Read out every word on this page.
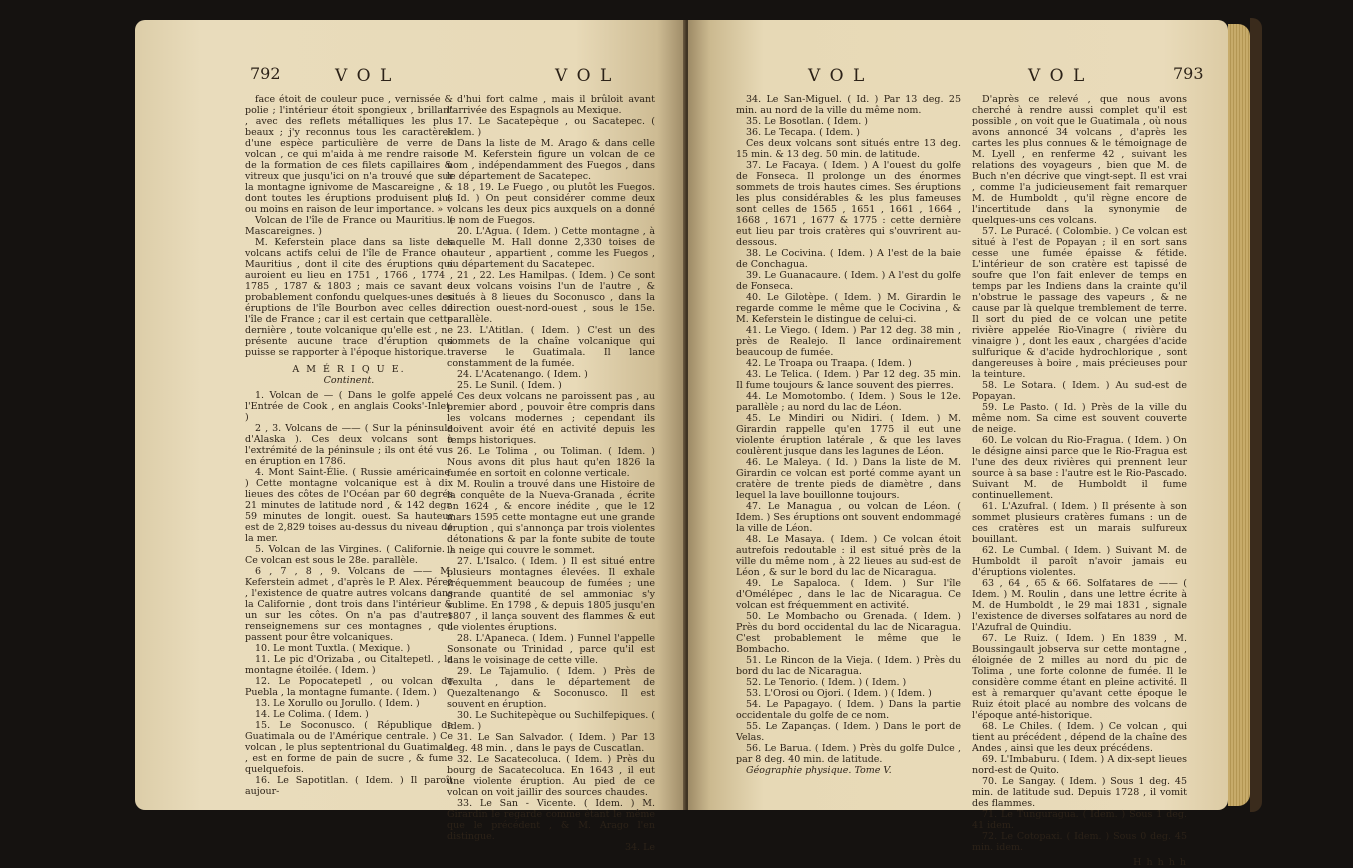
792	V O L	V O L

face étoit de couleur puce , vernissée & polie ; l'intérieur étoit spongieux , brillant , avec des reflets métalliques les plus beaux ; j'y reconnus tous les caractères d'une espèce particulière de verre de volcan , ce qui m'aida à me rendre raison de la formation de ces filets capillaires & vitreux que jusqu'ici on n'a trouvé que sur la montagne ignivome de Mascareigne , & dont toutes les éruptions produisent plus ou moins en raison de leur importance. »

Volcan de l'île de France ou Mauritius. ( Mascareignes. )

M. Keferstein place dans sa liste des volcans actifs celui de l'île de France ou Mauritius , dont il cite des éruptions qui auroient eu lieu en 1751 , 1766 , 1774 , 1785 , 1787 & 1803 ; mais ce savant a probablement confondu quelques-unes des éruptions de l'île Bourbon avec celles de l'île de France ; car il est certain que cette dernière , toute volcanique qu'elle est , ne présente aucune trace d'éruption qui puisse se rapporter à l'époque historique.

A M É R I Q U E.

Continent.

1. Volcan de — ( Dans le golfe appelé l'Entrée de Cook , en anglais Cooks'-Inlet. )

2 , 3. Volcans de —— ( Sur la péninsule d'Alaska ). Ces deux volcans sont à l'extrémité de la péninsule ; ils ont été vus en éruption en 1786.

4. Mont Saint-Élie. ( Russie américaine. ) Cette montagne volcanique est à dix lieues des côtes de l'Océan par 60 degrés 21 minutes de latitude nord , & 142 degr. 59 minutes de longit. ouest. Sa hauteur est de 2,829 toises au-dessus du niveau de la mer.

5. Volcan de las Virgines. ( Californie. ) Ce volcan est sous le 28e. parallèle.

6 , 7 , 8 , 9. Volcans de —— M. Keferstein admet , d'après le P. Alex. Pérez , l'existence de quatre autres volcans dans la Californie , dont trois dans l'intérieur & un sur les côtes. On n'a pas d'autres renseignemens sur ces montagnes , qui passent pour être volcaniques.

10. Le mont Tuxtla. ( Mexique. )

11. Le pic d'Orizaba , ou Citaltepetl. , la montagne étoilée. ( Idem. )

12. Le Popocatepetl , ou volcan de Puebla , la montagne fumante. ( Idem. )

13. Le Xorullo ou Jorullo. ( Idem. )

14. Le Colima. ( Idem. )

15. Le Soconusco. ( République de Guatimala ou de l'Amérique centrale. ) Ce volcan , le plus septentrional du Guatimala , est en forme de pain de sucre , & fume quelquefois.

16. Le Sapotitlan. ( Idem. ) Il paroît aujour-

d'hui fort calme , mais il brûloit avant l'arrivée des Espagnols au Mexique.

17. Le Sacatepèque , ou Sacatepec. ( Idem. )

Dans la liste de M. Arago & dans celle de M. Keferstein figure un volcan de ce nom , indépendamment des Fuegos , dans le département de Sacatepec.

18 , 19. Le Fuego , ou plutôt les Fuegos. ( Id. ) On peut considérer comme deux volcans les deux pics auxquels on a donné le nom de Fuegos.

20. L'Agua. ( Idem. ) Cette montagne , à laquelle M. Hall donne 2,330 toises de hauteur , appartient , comme les Fuegos , au département du Sacatepec.

21 , 22. Les Hamilpas. ( Idem. ) Ce sont deux volcans voisins l'un de l'autre , & situés à 8 lieues du Soconusco , dans la direction ouest-nord-ouest , sous le 15e. parallèle.

23. L'Atitlan. ( Idem. ) C'est un des sommets de la chaîne volcanique qui traverse le Guatimala. Il lance constamment de la fumée.

24. L'Acatenango. ( Idem. )

25. Le Sunil. ( Idem. )

Ces deux volcans ne paroissent pas , au premier abord , pouvoir être compris dans les volcans modernes ; cependant ils doivent avoir été en activité depuis les temps historiques.

26. Le Tolima , ou Toliman. ( Idem. ) Nous avons dit plus haut qu'en 1826 la fumée en sortoit en colonne verticale.

M. Roulin a trouvé dans une Histoire de la conquête de la Nueva-Granada , écrite en 1624 , & encore inédite , que le 12 mars 1595 cette montagne eut une grande éruption , qui s'annonça par trois violentes détonations & par la fonte subite de toute la neige qui couvre le sommet.

27. L'Isalco. ( Idem. ) Il est situé entre plusieurs montagnes élevées. Il exhale fréquemment beaucoup de fumées ; une grande quantité de sel ammoniac s'y sublime. En 1798 , & depuis 1805 jusqu'en 1807 , il lança souvent des flammes & eut de violentes éruptions.

28. L'Apaneca. ( Idem. ) Funnel l'appelle Sonsonate ou Trinidad , parce qu'il est dans le voisinage de cette ville.

29. Le Tajamulio. ( Idem. ) Près de Texulta , dans le département de Quezaltenango & Soconusco. Il est souvent en éruption.

30. Le Suchitepèque ou Suchilfepiques. ( Idem. )

31. Le San Salvador. ( Idem. ) Par 13 deg. 48 min. , dans le pays de Cuscatlan.

32. Le Sacatecoluca. ( Idem. ) Près du bourg de Sacatecoluca. En 1643 , il eut une violente éruption. Au pied de ce volcan on voit jaillir des sources chaudes.

33. Le San - Vicente. ( Idem. ) M. Girardin le regarde comme étant le même que le précédent , & M. Arago l'en distingue.

34. Le

V O L	V O L	793

34. Le San-Miguel. ( Id. ) Par 13 deg. 25 min. au nord de la ville du même nom.

35. Le Bosotlan. ( Idem. )

36. Le Tecapa. ( Idem. )

Ces deux volcans sont situés entre 13 deg. 15 min. & 13 deg. 50 min. de latitude.

37. Le Facaya. ( Idem. ) A l'ouest du golfe de Fonseca. Il prolonge un des énormes sommets de trois hautes cimes. Ses éruptions les plus considérables & les plus fameuses sont celles de 1565 , 1651 , 1661 , 1664 , 1668 , 1671 , 1677 & 1775 : cette dernière eut lieu par trois cratères qui s'ouvrirent au-dessous.

38. Le Cocivina. ( Idem. ) A l'est de la baie de Conchagua.

39. Le Guanacaure. ( Idem. ) A l'est du golfe de Fonseca.

40. Le Gilotèpe. ( Idem. ) M. Girardin le regarde comme le même que le Cocivina , & M. Keferstein le distingue de celui-ci.

41. Le Viego. ( Idem. ) Par 12 deg. 38 min , près de Realejo. Il lance ordinairement beaucoup de fumée.

42. Le Troapa ou Traapa. ( Idem. )

43. Le Telica. ( Idem. ) Par 12 deg. 35 min. Il fume toujours & lance souvent des pierres.

44. Le Momotombo. ( Idem. ) Sous le 12e. parallèle ; au nord du lac de Léon.

45. Le Mindiri ou Nidiri. ( Idem. ) M. Girardin rappelle qu'en 1775 il eut une violente éruption latérale , & que les laves coulèrent jusque dans les lagunes de Léon.

46. Le Maleya. ( Id. ) Dans la liste de M. Girardin ce volcan est porté comme ayant un cratère de trente pieds de diamètre , dans lequel la lave bouillonne toujours.

47. Le Managua , ou volcan de Léon. ( Idem. ) Ses éruptions ont souvent endommagé la ville de Léon.

48. Le Masaya. ( Idem. ) Ce volcan étoit autrefois redoutable : il est situé près de la ville du même nom , à 22 lieues au sud-est de Léon , & sur le bord du lac de Nicaragua.

49. Le Sapaloca. ( Idem. ) Sur l'île d'Omélépec , dans le lac de Nicaragua. Ce volcan est fréquemment en activité.

50. Le Mombacho ou Grenada. ( Idem. ) Près du bord occidental du lac de Nicaragua. C'est probablement le même que le Bombacho.

51. Le Rincon de la Vieja. ( Idem. ) Près du bord du lac de Nicaragua.

52. Le Tenorio. ( Idem. ) ( Idem. )

53. L'Orosi ou Ojori. ( Idem. ) ( Idem. )

54. Le Papagayo. ( Idem. ) Dans la partie occidentale du golfe de ce nom.

55. Le Zapanças. ( Idem. ) Dans le port de Velas.

56. Le Barua. ( Idem. ) Près du golfe Dulce , par 8 deg. 40 min. de latitude.

Géographie physique. Tome V.

D'après ce relevé , que nous avons cherché à rendre aussi complet qu'il est possible , on voit que le Guatimala , où nous avons annoncé 34 volcans , d'après les cartes les plus connues & le témoignage de M. Lyell , en renferme 42 , suivant les relations des voyageurs , bien que M. de Buch n'en décrive que vingt-sept. Il est vrai , comme l'a judicieusement fait remarquer M. de Humboldt , qu'il règne encore de l'incertitude dans la synonymie de quelques-uns ces volcans.

57. Le Puracé. ( Colombie. ) Ce volcan est situé à l'est de Popayan ; il en sort sans cesse une fumée épaisse & fétide. L'intérieur de son cratère est tapissé de soufre que l'on fait enlever de temps en temps par les Indiens dans la crainte qu'il n'obstrue le passage des vapeurs , & ne cause par là quelque tremblement de terre. Il sort du pied de ce volcan une petite rivière appelée Rio-Vinagre ( rivière du vinaigre ) , dont les eaux , chargées d'acide sulfurique & d'acide hydrochlorique , sont dangereuses à boire , mais précieuses pour la teinture.

58. Le Sotara. ( Idem. ) Au sud-est de Popayan.

59. Le Pasto. ( Id. ) Près de la ville du même nom. Sa cime est souvent couverte de neige.

60. Le volcan du Rio-Fragua. ( Idem. ) On le désigne ainsi parce que le Rio-Fragua est l'une des deux rivières qui prennent leur source à sa base : l'autre est le Rio-Pascado. Suivant M. de Humboldt il fume continuellement.

61. L'Azufral. ( Idem. ) Il présente à son sommet plusieurs cratères fumans : un de ces cratères est un marais sulfureux bouillant.

62. Le Cumbal. ( Idem. ) Suivant M. de Humboldt il paroît n'avoir jamais eu d'éruptions violentes.

63 , 64 , 65 & 66. Solfatares de —— ( Idem. ) M. Roulin , dans une lettre écrite à M. de Humboldt , le 29 mai 1831 , signale l'existence de diverses solfatares au nord de l'Azufral de Quindiu.

67. Le Ruiz. ( Idem. ) En 1839 , M. Boussingault jobserva sur cette montagne , éloignée de 2 milles au nord du pic de Tolima , une forte colonne de fumée. Il le considère comme étant en pleine activité. Il est à remarquer qu'avant cette époque le Ruiz étoit placé au nombre des volcans de l'époque anté-historique.

68. Le Chiles. ( Idem. ) Ce volcan , qui tient au précédent , dépend de la chaîne des Andes , ainsi que les deux précédens.

69. L'Imbaburu. ( Idem. ) A dix-sept lieues nord-est de Quito.

70. Le Sangay. ( Idem. ) Sous 1 deg. 45 min. de latitude sud. Depuis 1728 , il vomit des flammes.

71. Le Tunguragua. ( Idem. ) Sous 1 deg. 41 idem.

72. Le Cotopaxi. ( Idem. ) Sous 0 deg. 45 min. idem.

H h h h h
